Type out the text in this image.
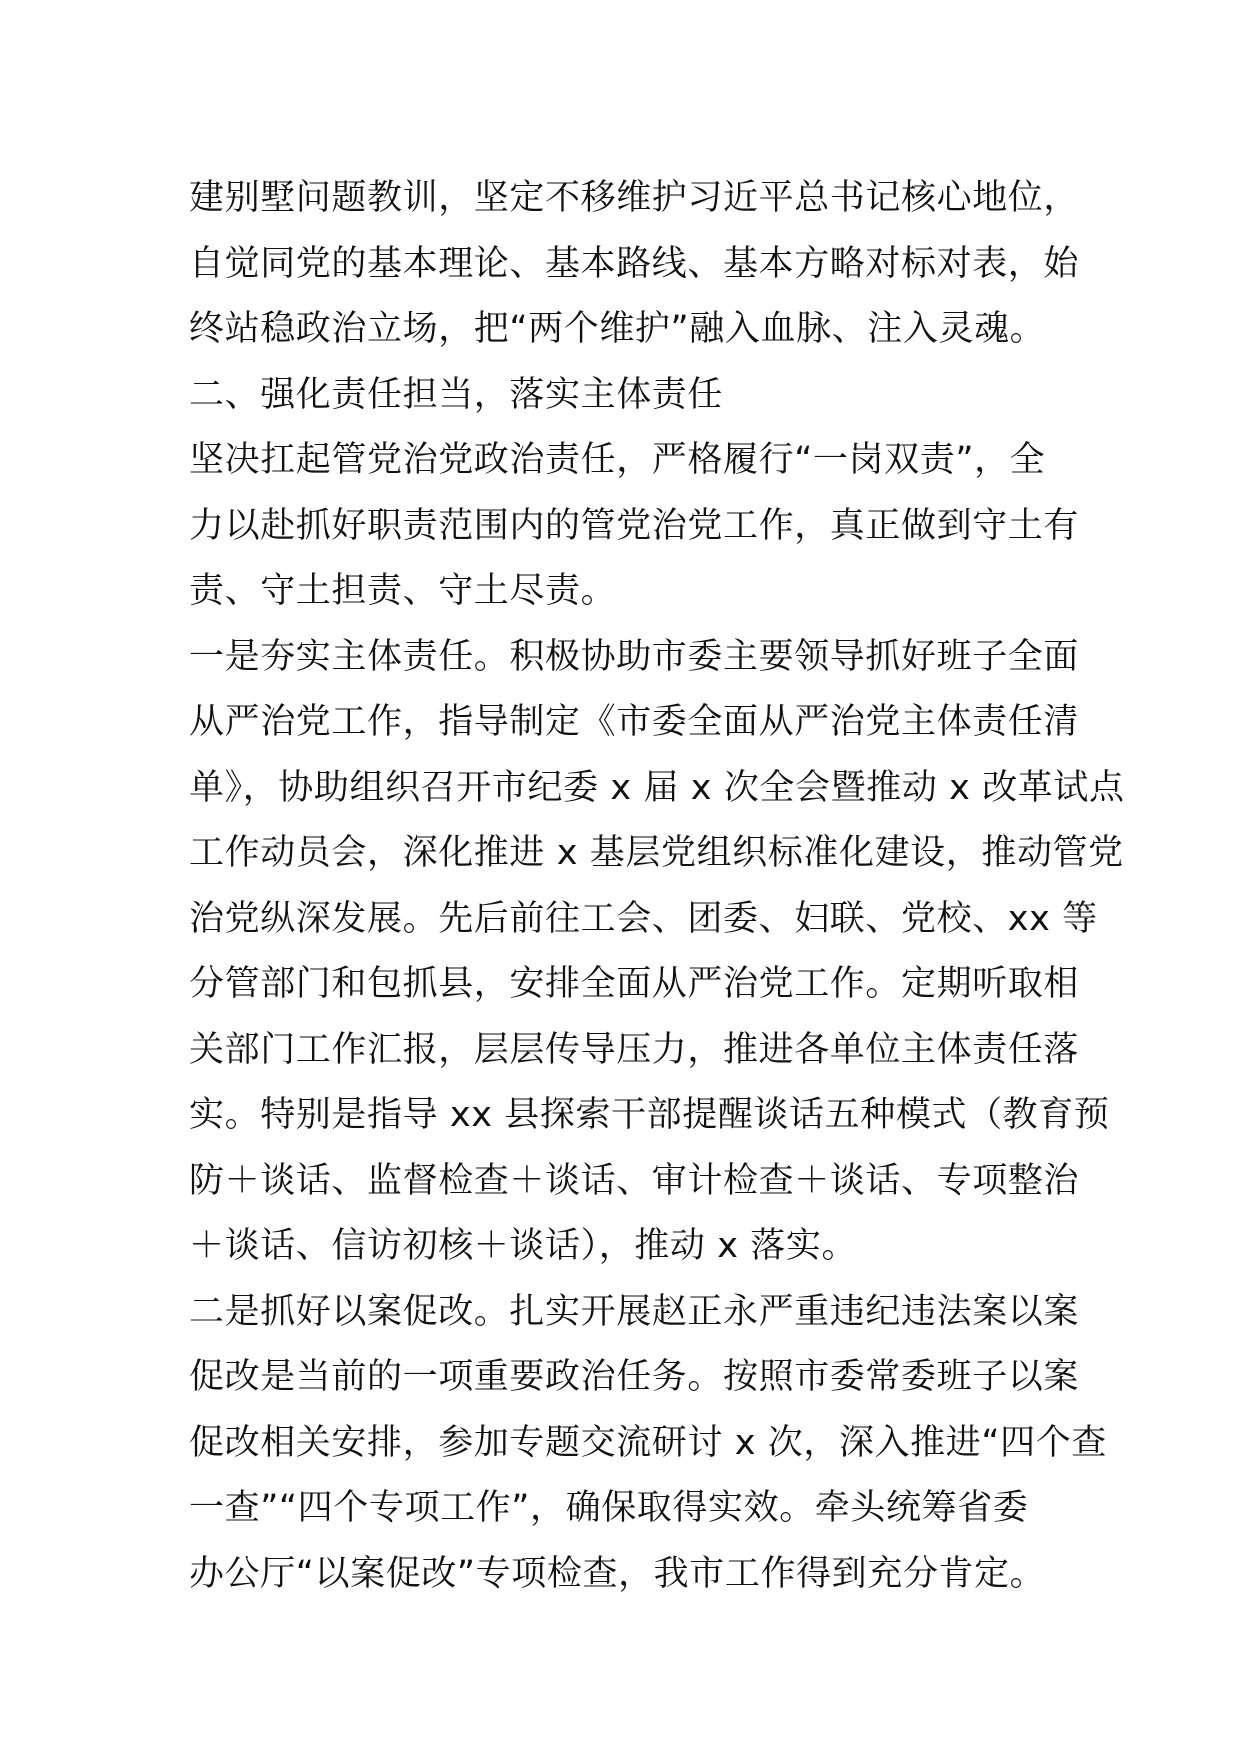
建别墅问题教训，坚定不移维护习近平总书记核心地位，
自觉同党的基本理论、基本路线、基本方略对标对表，始
终站稳政治立场，把“两个维护”融入血脉、注入灵魂。
二、强化责任担当，落实主体责任
坚决扛起管党治党政治责任，严格履行“一岗双责”，全
力以赴抓好职责范围内的管党治党工作，真正做到守土有
责、守土担责、守土尽责。
一是夯实主体责任。积极协助市委主要领导抓好班子全面
从严治党工作，指导制定《市委全面从严治党主体责任清
单》，协助组织召开市纪委 x 届 x 次全会暨推动 x 改革试点
工作动员会，深化推进 x 基层党组织标准化建设，推动管党
治党纵深发展。先后前往工会、团委、妇联、党校、xx 等
分管部门和包抓县，安排全面从严治党工作。定期听取相
关部门工作汇报，层层传导压力，推进各单位主体责任落
实。特别是指导 xx 县探索干部提醒谈话五种模式（教育预
防＋谈话、监督检查＋谈话、审计检查＋谈话、专项整治
＋谈话、信访初核＋谈话），推动 x 落实。
二是抓好以案促改。扎实开展赵正永严重违纪违法案以案
促改是当前的一项重要政治任务。按照市委常委班子以案
促改相关安排，参加专题交流研讨 x 次，深入推进“四个查
一查”“四个专项工作”，确保取得实效。牵头统筹省委
办公厅“以案促改”专项检查，我市工作得到充分肯定。
